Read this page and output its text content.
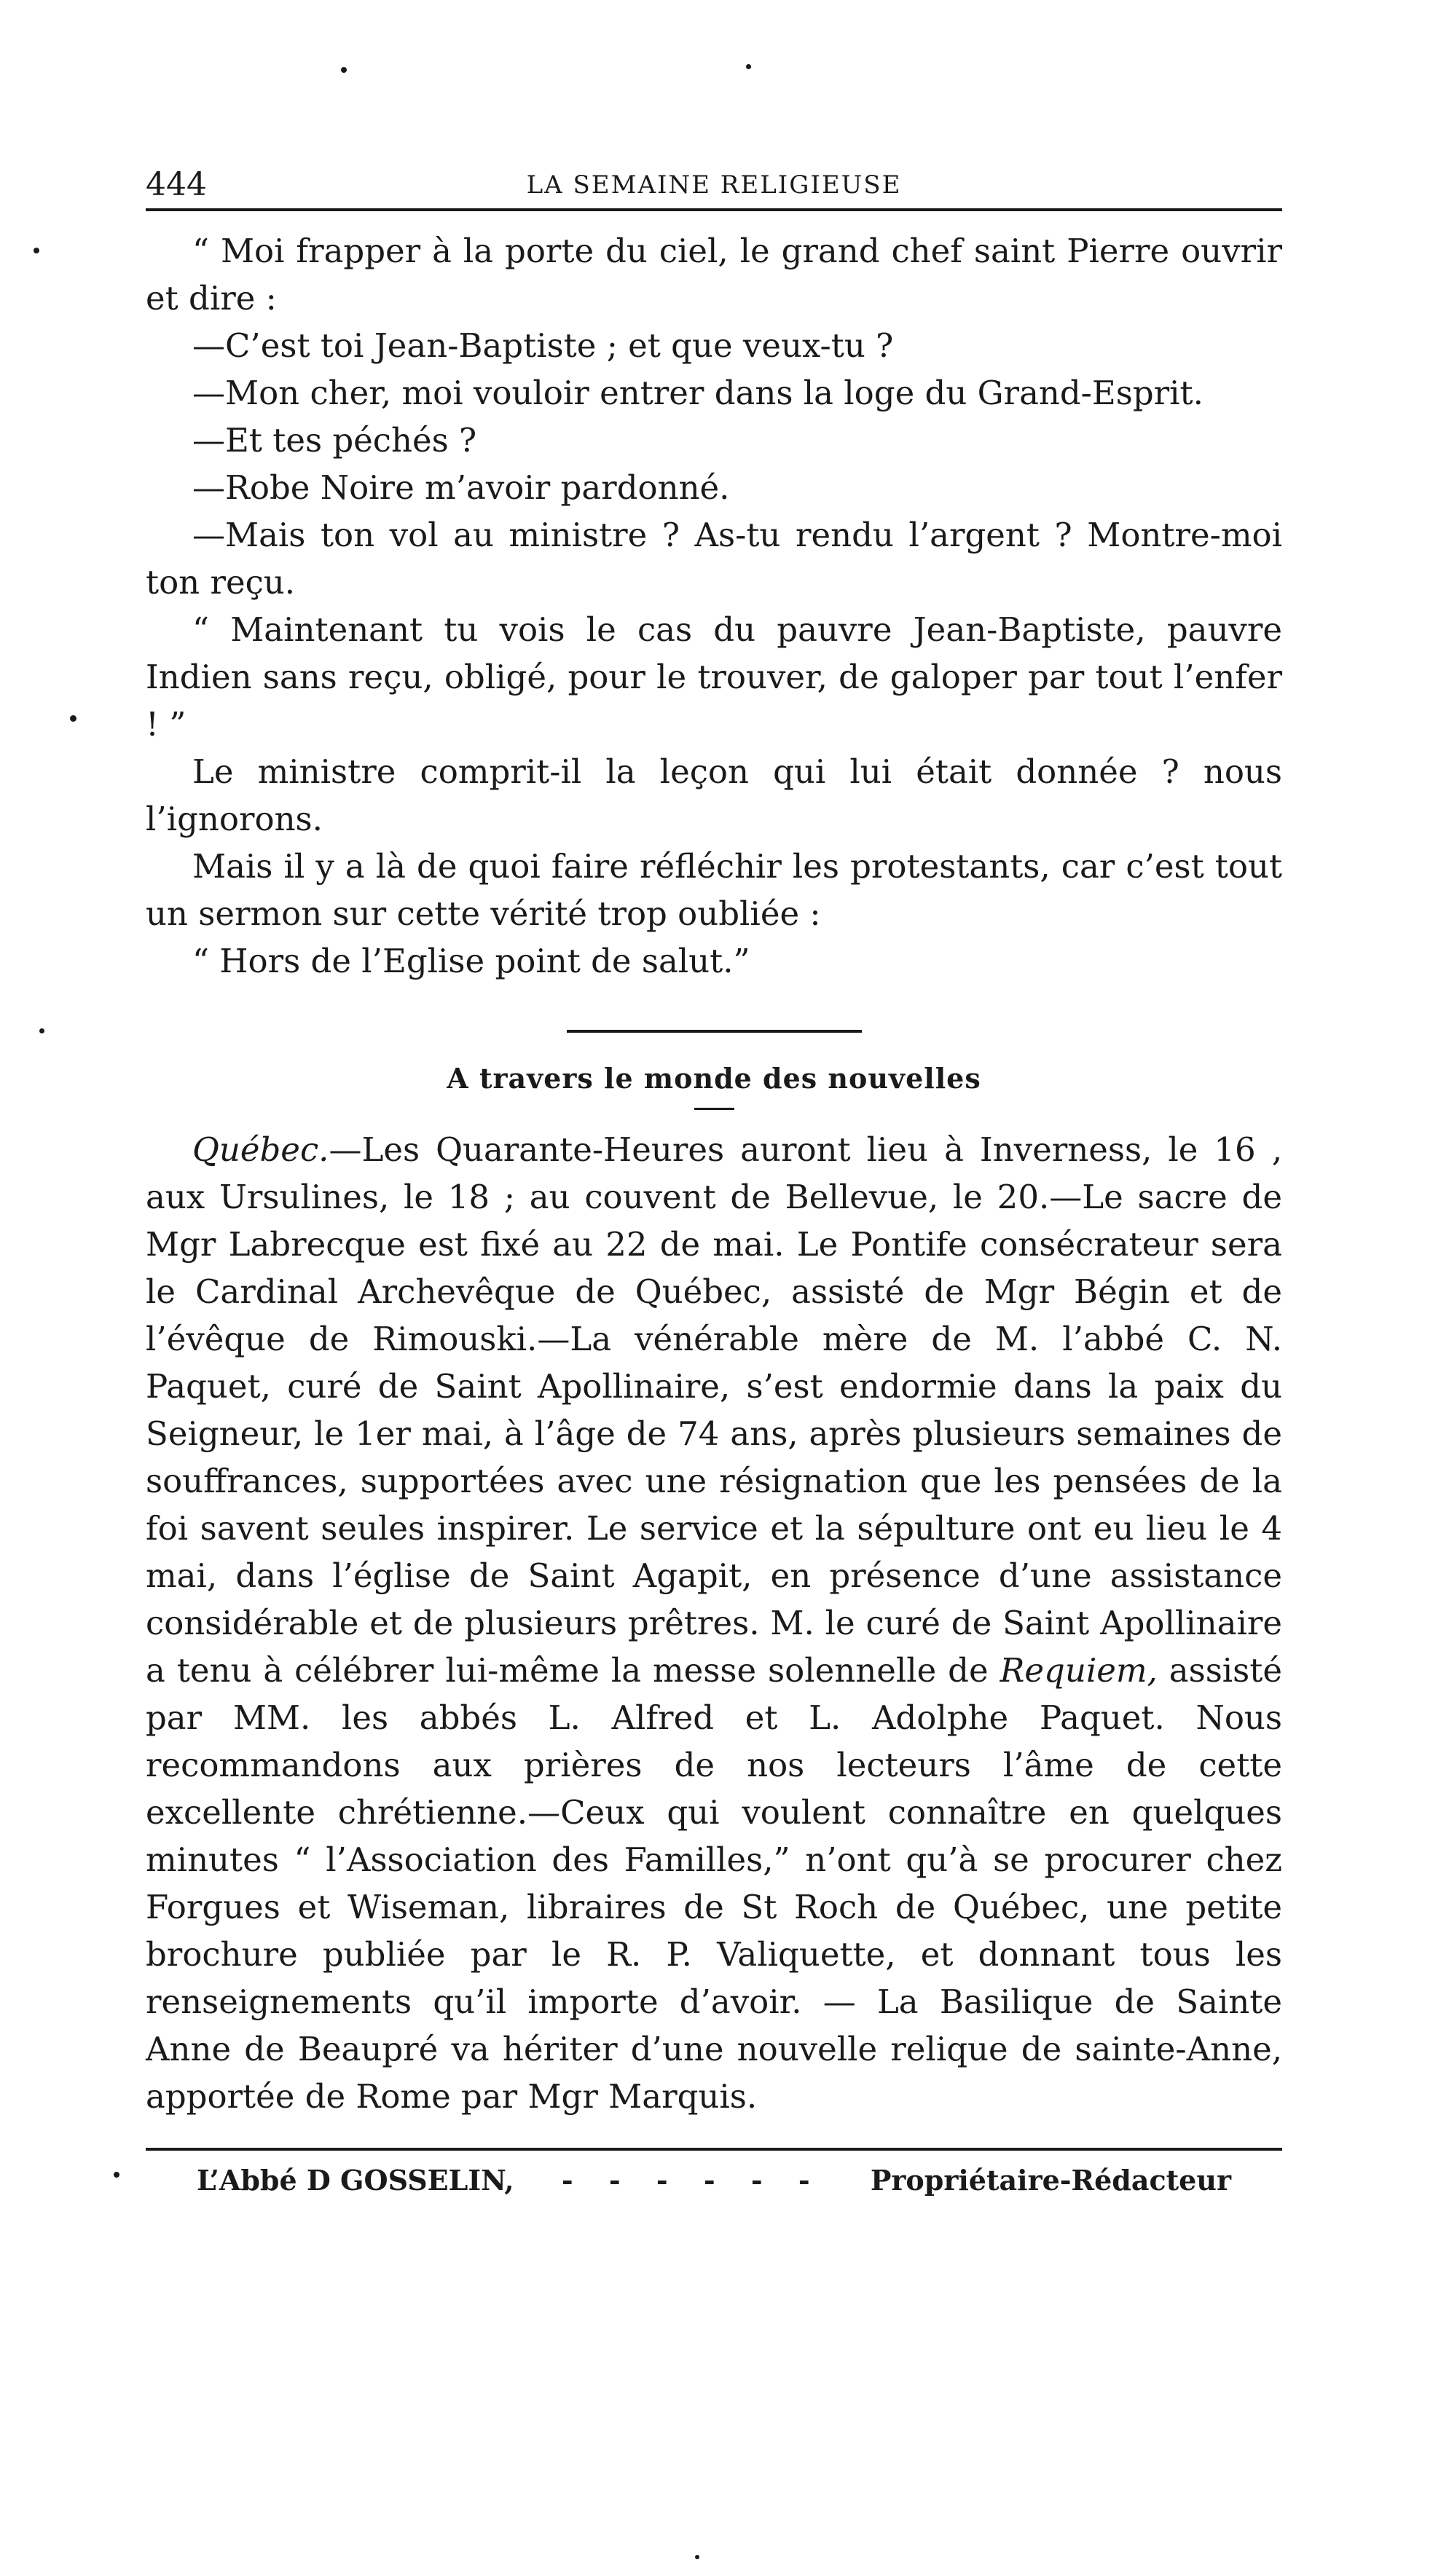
444	LA SEMAINE RELIGIEUSE

“ Moi frapper à la porte du ciel, le grand chef saint Pierre ouvrir et dire :

—C’est toi Jean-Baptiste ; et que veux-tu ?

—Mon cher, moi vouloir entrer dans la loge du Grand-Esprit.

—Et tes péchés ?

—Robe Noire m’avoir pardonné.

—Mais ton vol au ministre ? As-tu rendu l’argent ? Montre-moi ton reçu.

“ Maintenant tu vois le cas du pauvre Jean-Baptiste, pauvre Indien sans reçu, obligé, pour le trouver, de galoper par tout l’enfer ! ”

Le ministre comprit-il la leçon qui lui était donnée ? nous l’ignorons.

Mais il y a là de quoi faire réfléchir les protestants, car c’est tout un sermon sur cette vérité trop oubliée :

“ Hors de l’Eglise point de salut.”

A travers le monde des nouvelles

Québec.—Les Quarante-Heures auront lieu à Inverness, le 16 , aux Ursulines, le 18 ; au couvent de Bellevue, le 20.—Le sacre de Mgr Labrecque est fixé au 22 de mai. Le Pontife consécrateur sera le Cardinal Archevêque de Québec, assisté de Mgr Bégin et de l’évêque de Rimouski.—La vénérable mère de M. l’abbé C. N. Paquet, curé de Saint Apollinaire, s’est endormie dans la paix du Seigneur, le 1er mai, à l’âge de 74 ans, après plusieurs semaines de souffrances, supportées avec une résignation que les pensées de la foi savent seules inspirer. Le service et la sépulture ont eu lieu le 4 mai, dans l’église de Saint Agapit, en présence d’une assistance considérable et de plusieurs prêtres. M. le curé de Saint Apollinaire a tenu à célébrer lui-même la messe solennelle de Requiem, assisté par MM. les abbés L. Alfred et L. Adolphe Paquet. Nous recommandons aux prières de nos lecteurs l’âme de cette excellente chrétienne.—Ceux qui voulent connaître en quelques minutes “ l’Association des Familles,” n’ont qu’à se procurer chez Forgues et Wiseman, libraires de St Roch de Québec, une petite brochure publiée par le R. P. Valiquette, et donnant tous les renseignements qu’il importe d’avoir. — La Basilique de Sainte Anne de Beaupré va hériter d’une nouvelle relique de sainte-Anne, apportée de Rome par Mgr Marquis.

L’Abbé D GOSSELIN, - - - - - - Propriétaire-Rédacteur
